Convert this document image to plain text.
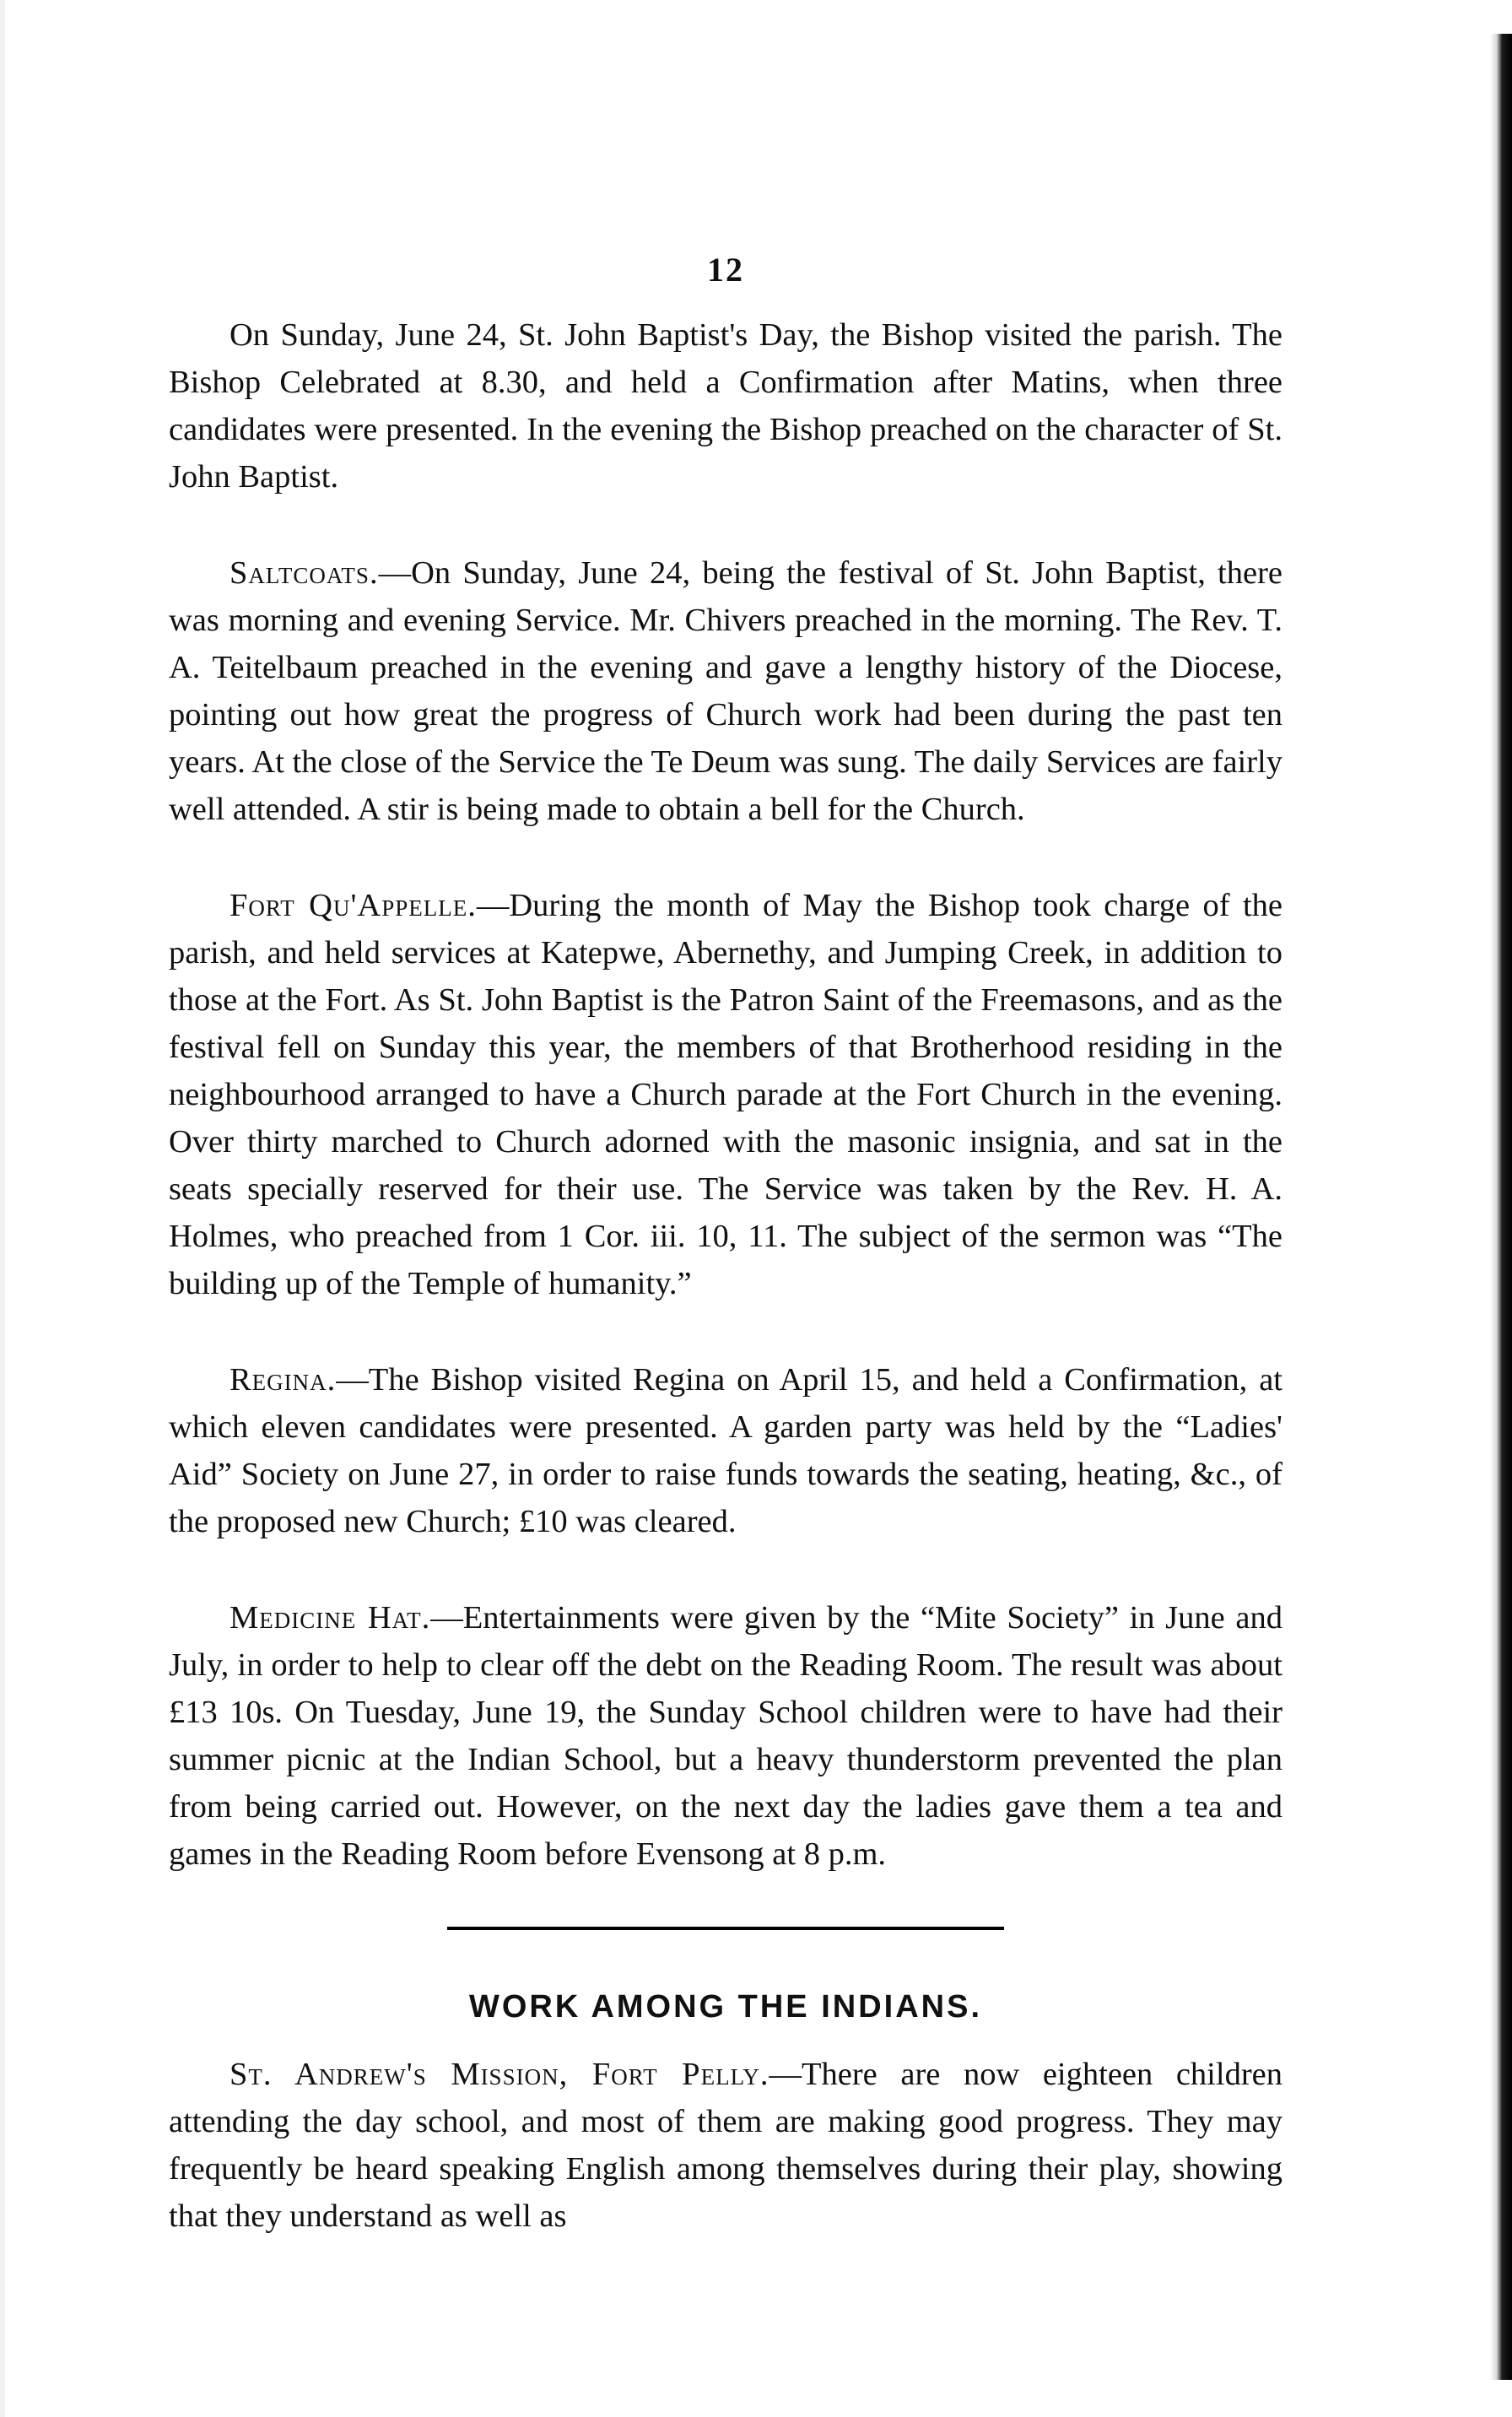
12

On Sunday, June 24, St. John Baptist's Day, the Bishop visited the parish. The Bishop Celebrated at 8.30, and held a Confirmation after Matins, when three candidates were presented. In the evening the Bishop preached on the character of St. John Baptist.

Saltcoats.—On Sunday, June 24, being the festival of St. John Baptist, there was morning and evening Service. Mr. Chivers preached in the morning. The Rev. T. A. Teitelbaum preached in the evening and gave a lengthy history of the Diocese, pointing out how great the progress of Church work had been during the past ten years. At the close of the Service the Te Deum was sung. The daily Services are fairly well attended. A stir is being made to obtain a bell for the Church.

Fort Qu'Appelle.—During the month of May the Bishop took charge of the parish, and held services at Katepwe, Abernethy, and Jumping Creek, in addition to those at the Fort. As St. John Baptist is the Patron Saint of the Freemasons, and as the festival fell on Sunday this year, the members of that Brotherhood residing in the neighbourhood arranged to have a Church parade at the Fort Church in the evening. Over thirty marched to Church adorned with the masonic insignia, and sat in the seats specially reserved for their use. The Service was taken by the Rev. H. A. Holmes, who preached from 1 Cor. iii. 10, 11. The subject of the sermon was “The building up of the Temple of humanity.”

Regina.—The Bishop visited Regina on April 15, and held a Confirmation, at which eleven candidates were presented. A garden party was held by the “Ladies' Aid” Society on June 27, in order to raise funds towards the seating, heating, &c., of the proposed new Church; £10 was cleared.

Medicine Hat.—Entertainments were given by the “Mite Society” in June and July, in order to help to clear off the debt on the Reading Room. The result was about £13 10s. On Tuesday, June 19, the Sunday School children were to have had their summer picnic at the Indian School, but a heavy thunderstorm prevented the plan from being carried out. However, on the next day the ladies gave them a tea and games in the Reading Room before Evensong at 8 p.m.

WORK AMONG THE INDIANS.

St. Andrew's Mission, Fort Pelly.—There are now eighteen children attending the day school, and most of them are making good progress. They may frequently be heard speaking English among themselves during their play, showing that they understand as well as
